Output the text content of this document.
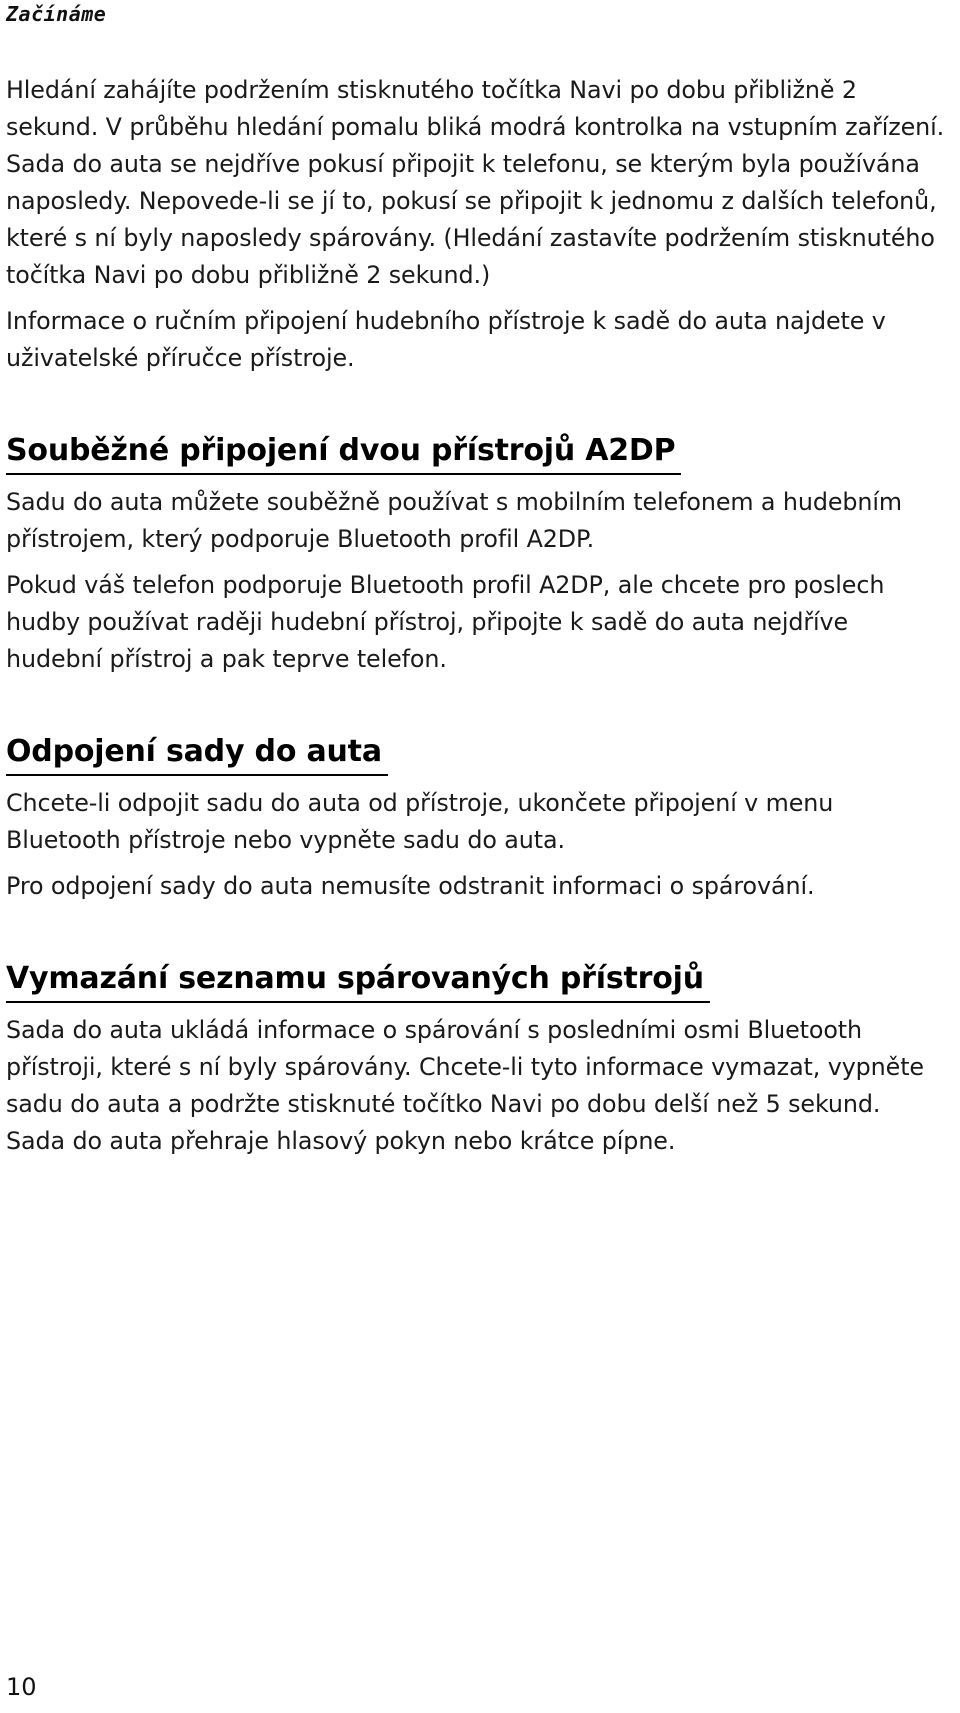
Začínáme

Hledání zahájíte podržením stisknutého točítka Navi po dobu přibližně 2 sekund. V průběhu hledání pomalu bliká modrá kontrolka na vstupním zařízení. Sada do auta se nejdříve pokusí připojit k telefonu, se kterým byla používána naposledy. Nepovede-li se jí to, pokusí se připojit k jednomu z dalších telefonů, které s ní byly naposledy spárovány. (Hledání zastavíte podržením stisknutého točítka Navi po dobu přibližně 2 sekund.)

Informace o ručním připojení hudebního přístroje k sadě do auta najdete v uživatelské příručce přístroje.

Souběžné připojení dvou přístrojů A2DP

Sadu do auta můžete souběžně používat s mobilním telefonem a hudebním přístrojem, který podporuje Bluetooth profil A2DP.

Pokud váš telefon podporuje Bluetooth profil A2DP, ale chcete pro poslech hudby používat raději hudební přístroj, připojte k sadě do auta nejdříve hudební přístroj a pak teprve telefon.

Odpojení sady do auta

Chcete-li odpojit sadu do auta od přístroje, ukončete připojení v menu Bluetooth přístroje nebo vypněte sadu do auta.

Pro odpojení sady do auta nemusíte odstranit informaci o spárování.

Vymazání seznamu spárovaných přístrojů

Sada do auta ukládá informace o spárování s posledními osmi Bluetooth přístroji, které s ní byly spárovány. Chcete-li tyto informace vymazat, vypněte sadu do auta a podržte stisknuté točítko Navi po dobu delší než 5 sekund. Sada do auta přehraje hlasový pokyn nebo krátce pípne.

10
